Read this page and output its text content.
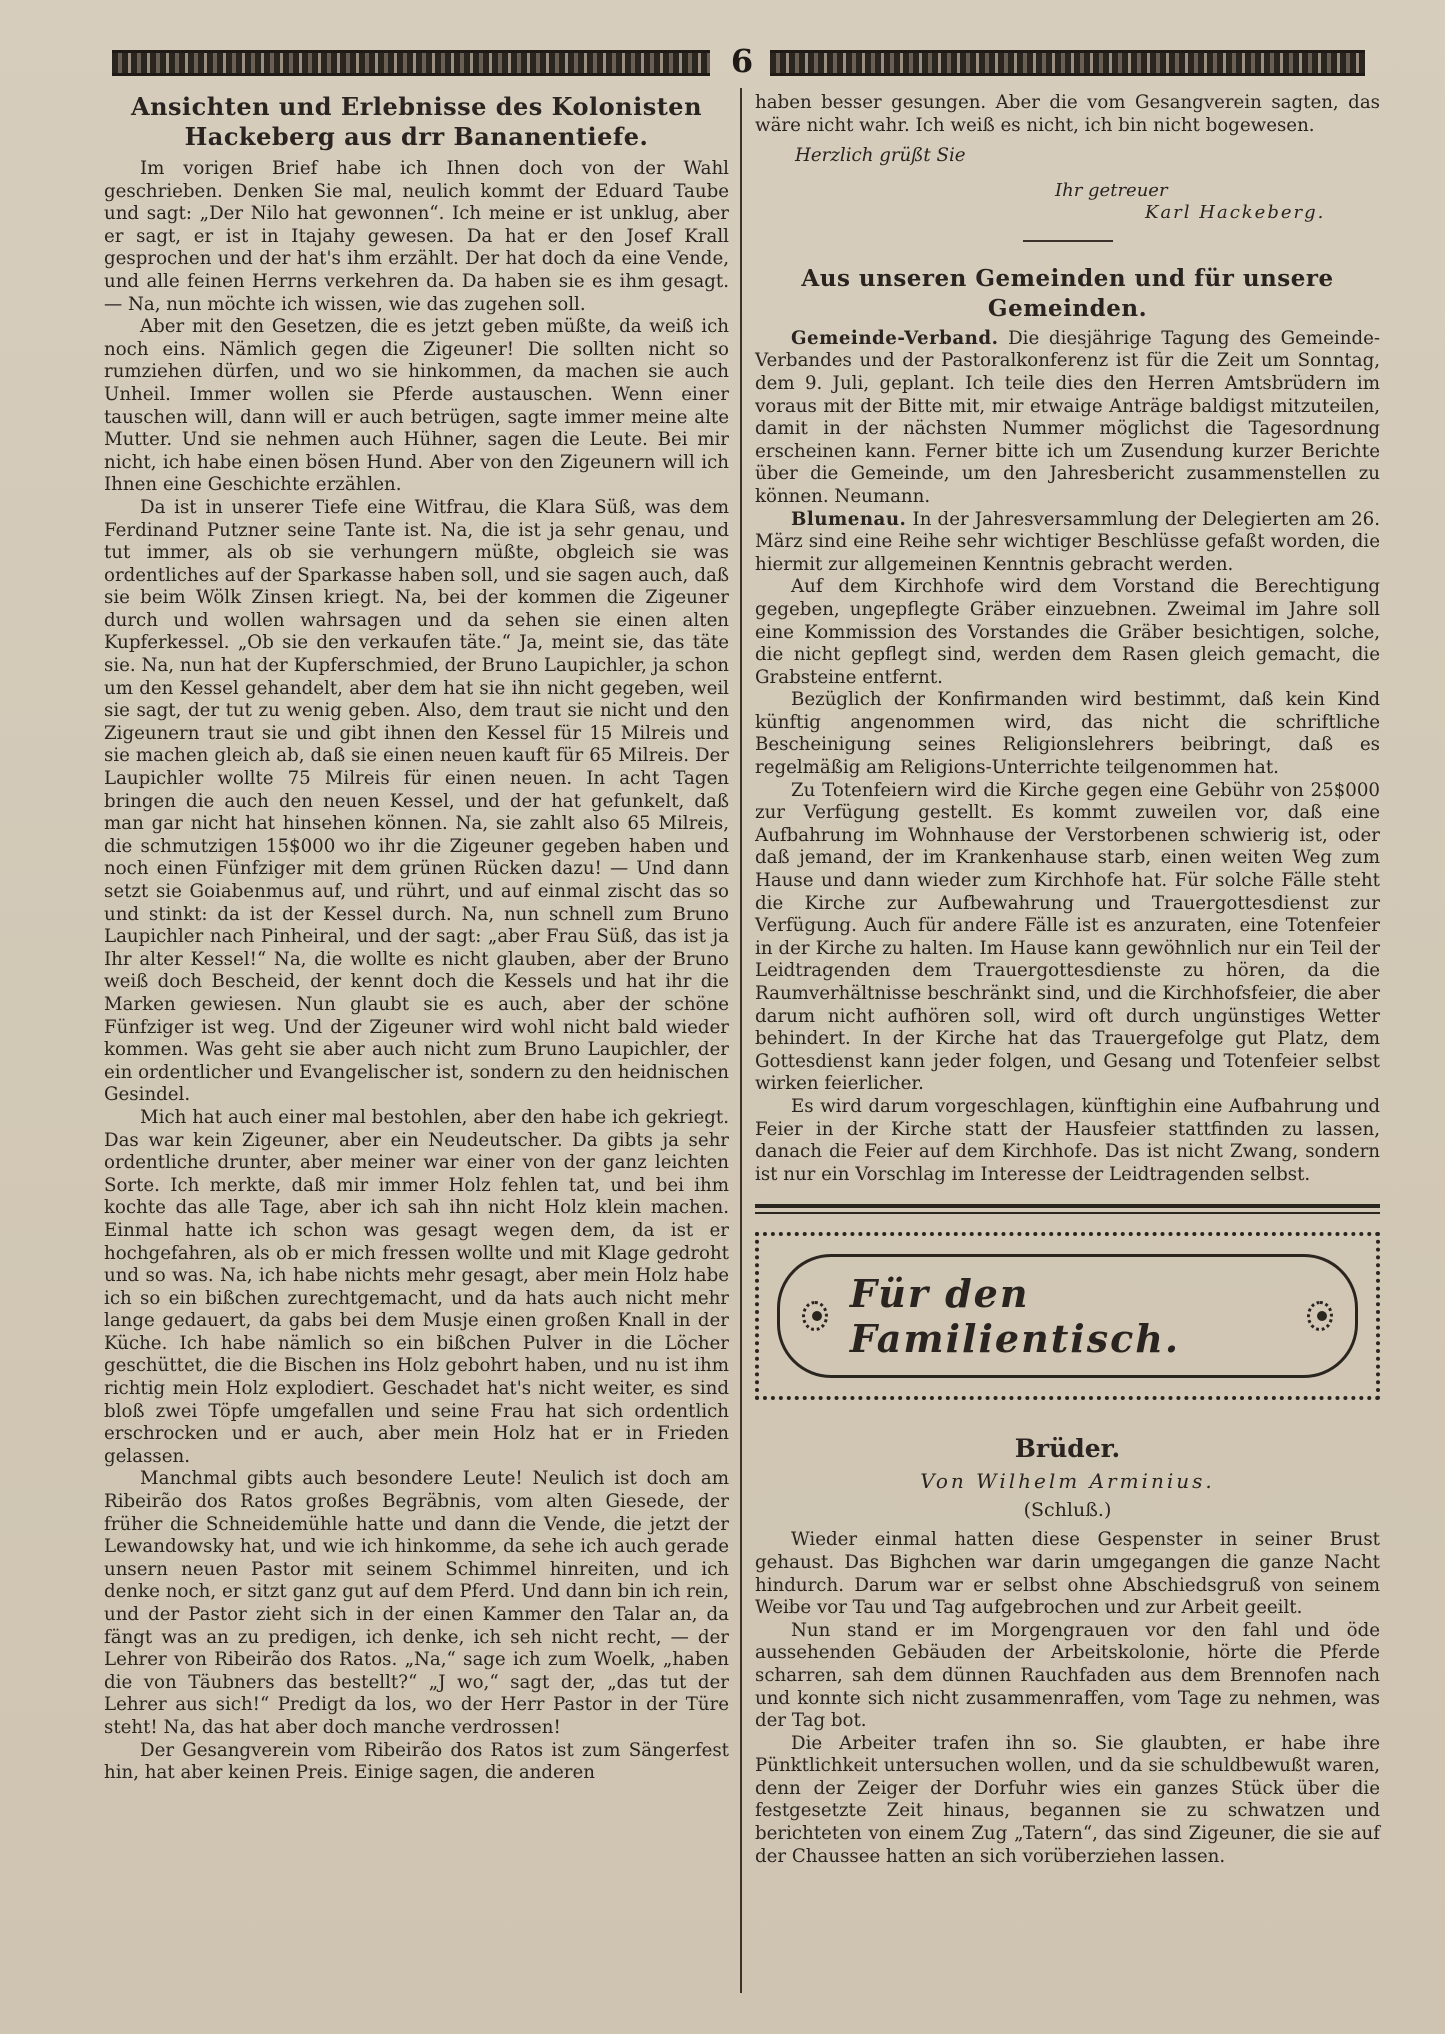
6
Ansichten und Erlebnisse des Kolonisten Hackeberg aus drr Bananentiefe.

Im vorigen Brief habe ich Ihnen doch von der Wahl geschrieben. Denken Sie mal, neulich kommt der Eduard Taube und sagt: „Der Nilo hat gewonnen“. Ich meine er ist unklug, aber er sagt, er ist in Itajahy gewesen. Da hat er den Josef Krall gesprochen und der hat's ihm erzählt. Der hat doch da eine Vende, und alle feinen Herrns verkehren da. Da haben sie es ihm gesagt. — Na, nun möchte ich wissen, wie das zugehen soll.

Aber mit den Gesetzen, die es jetzt geben müßte, da weiß ich noch eins. Nämlich gegen die Zigeuner! Die sollten nicht so rumziehen dürfen, und wo sie hinkommen, da machen sie auch Unheil. Immer wollen sie Pferde austauschen. Wenn einer tauschen will, dann will er auch betrügen, sagte immer meine alte Mutter. Und sie nehmen auch Hühner, sagen die Leute. Bei mir nicht, ich habe einen bösen Hund. Aber von den Zigeunern will ich Ihnen eine Geschichte erzählen.

Da ist in unserer Tiefe eine Witfrau, die Klara Süß, was dem Ferdinand Putzner seine Tante ist. Na, die ist ja sehr genau, und tut immer, als ob sie verhungern müßte, obgleich sie was ordentliches auf der Sparkasse haben soll, und sie sagen auch, daß sie beim Wölk Zinsen kriegt. Na, bei der kommen die Zigeuner durch und wollen wahrsagen und da sehen sie einen alten Kupferkessel. „Ob sie den verkaufen täte.“ Ja, meint sie, das täte sie. Na, nun hat der Kupferschmied, der Bruno Laupichler, ja schon um den Kessel gehandelt, aber dem hat sie ihn nicht gegeben, weil sie sagt, der tut zu wenig geben. Also, dem traut sie nicht und den Zigeunern traut sie und gibt ihnen den Kessel für 15 Milreis und sie machen gleich ab, daß sie einen neuen kauft für 65 Milreis. Der Laupichler wollte 75 Milreis für einen neuen. In acht Tagen bringen die auch den neuen Kessel, und der hat gefunkelt, daß man gar nicht hat hinsehen können. Na, sie zahlt also 65 Milreis, die schmutzigen 15$000 wo ihr die Zigeuner gegeben haben und noch einen Fünfziger mit dem grünen Rücken dazu! — Und dann setzt sie Goiabenmus auf, und rührt, und auf einmal zischt das so und stinkt: da ist der Kessel durch. Na, nun schnell zum Bruno Laupichler nach Pinheiral, und der sagt: „aber Frau Süß, das ist ja Ihr alter Kessel!“ Na, die wollte es nicht glauben, aber der Bruno weiß doch Bescheid, der kennt doch die Kessels und hat ihr die Marken gewiesen. Nun glaubt sie es auch, aber der schöne Fünfziger ist weg. Und der Zigeuner wird wohl nicht bald wieder kommen. Was geht sie aber auch nicht zum Bruno Laupichler, der ein ordentlicher und Evangelischer ist, sondern zu den heidnischen Gesindel.

Mich hat auch einer mal bestohlen, aber den habe ich gekriegt. Das war kein Zigeuner, aber ein Neudeutscher. Da gibts ja sehr ordentliche drunter, aber meiner war einer von der ganz leichten Sorte. Ich merkte, daß mir immer Holz fehlen tat, und bei ihm kochte das alle Tage, aber ich sah ihn nicht Holz klein machen. Einmal hatte ich schon was gesagt wegen dem, da ist er hochgefahren, als ob er mich fressen wollte und mit Klage gedroht und so was. Na, ich habe nichts mehr gesagt, aber mein Holz habe ich so ein bißchen zurechtgemacht, und da hats auch nicht mehr lange gedauert, da gabs bei dem Musje einen großen Knall in der Küche. Ich habe nämlich so ein bißchen Pulver in die Löcher geschüttet, die die Bischen ins Holz gebohrt haben, und nu ist ihm richtig mein Holz explodiert. Geschadet hat's nicht weiter, es sind bloß zwei Töpfe umgefallen und seine Frau hat sich ordentlich erschrocken und er auch, aber mein Holz hat er in Frieden gelassen.

Manchmal gibts auch besondere Leute! Neulich ist doch am Ribeirão dos Ratos großes Begräbnis, vom alten Giesede, der früher die Schneidemühle hatte und dann die Vende, die jetzt der Lewandowsky hat, und wie ich hinkomme, da sehe ich auch gerade unsern neuen Pastor mit seinem Schimmel hinreiten, und ich denke noch, er sitzt ganz gut auf dem Pferd. Und dann bin ich rein, und der Pastor zieht sich in der einen Kammer den Talar an, da fängt was an zu predigen, ich denke, ich seh nicht recht, — der Lehrer von Ribeirão dos Ratos. „Na,“ sage ich zum Woelk, „haben die von Täubners das bestellt?“ „J wo,“ sagt der, „das tut der Lehrer aus sich!“ Predigt da los, wo der Herr Pastor in der Türe steht! Na, das hat aber doch manche verdrossen!

Der Gesangverein vom Ribeirão dos Ratos ist zum Sängerfest hin, hat aber keinen Preis. Einige sagen, die anderen

haben besser gesungen. Aber die vom Gesangverein sagten, das wäre nicht wahr. Ich weiß es nicht, ich bin nicht bogewesen.

Herzlich grüßt Sie

Ihr getreuer
Karl Hackeberg.
Aus unseren Gemeinden und für unsere Gemeinden.

Gemeinde-Verband. Die diesjährige Tagung des Gemeinde-Verbandes und der Pastoralkonferenz ist für die Zeit um Sonntag, dem 9. Juli, geplant. Ich teile dies den Herren Amtsbrüdern im voraus mit der Bitte mit, mir etwaige Anträge baldigst mitzuteilen, damit in der nächsten Nummer möglichst die Tagesordnung erscheinen kann. Ferner bitte ich um Zusendung kurzer Berichte über die Gemeinde, um den Jahresbericht zusammenstellen zu können. Neumann.

Blumenau. In der Jahresversammlung der Delegierten am 26. März sind eine Reihe sehr wichtiger Beschlüsse gefaßt worden, die hiermit zur allgemeinen Kenntnis gebracht werden.

Auf dem Kirchhofe wird dem Vorstand die Berechtigung gegeben, ungepflegte Gräber einzuebnen. Zweimal im Jahre soll eine Kommission des Vorstandes die Gräber besichtigen, solche, die nicht gepflegt sind, werden dem Rasen gleich gemacht, die Grabsteine entfernt.

Bezüglich der Konfirmanden wird bestimmt, daß kein Kind künftig angenommen wird, das nicht die schriftliche Bescheinigung seines Religionslehrers beibringt, daß es regelmäßig am Religions-Unterrichte teilgenommen hat.

Zu Totenfeiern wird die Kirche gegen eine Gebühr von 25$000 zur Verfügung gestellt. Es kommt zuweilen vor, daß eine Aufbahrung im Wohnhause der Verstorbenen schwierig ist, oder daß jemand, der im Krankenhause starb, einen weiten Weg zum Hause und dann wieder zum Kirchhofe hat. Für solche Fälle steht die Kirche zur Aufbewahrung und Trauergottesdienst zur Verfügung. Auch für andere Fälle ist es anzuraten, eine Totenfeier in der Kirche zu halten. Im Hause kann gewöhnlich nur ein Teil der Leidtragenden dem Trauergottesdienste zu hören, da die Raumverhältnisse beschränkt sind, und die Kirchhofsfeier, die aber darum nicht aufhören soll, wird oft durch ungünstiges Wetter behindert. In der Kirche hat das Trauergefolge gut Platz, dem Gottesdienst kann jeder folgen, und Gesang und Totenfeier selbst wirken feierlicher.

Es wird darum vorgeschlagen, künftighin eine Aufbahrung und Feier in der Kirche statt der Hausfeier stattfinden zu lassen, danach die Feier auf dem Kirchhofe. Das ist nicht Zwang, sondern ist nur ein Vorschlag im Interesse der Leidtragenden selbst.

Für den Familientisch.
Brüder.
Von Wilhelm Arminius.
(Schluß.)

Wieder einmal hatten diese Gespenster in seiner Brust gehaust. Das Bighchen war darin umgegangen die ganze Nacht hindurch. Darum war er selbst ohne Abschiedsgruß von seinem Weibe vor Tau und Tag aufgebrochen und zur Arbeit geeilt.

Nun stand er im Morgengrauen vor den fahl und öde aussehenden Gebäuden der Arbeitskolonie, hörte die Pferde scharren, sah dem dünnen Rauchfaden aus dem Brennofen nach und konnte sich nicht zusammenraffen, vom Tage zu nehmen, was der Tag bot.

Die Arbeiter trafen ihn so. Sie glaubten, er habe ihre Pünktlichkeit untersuchen wollen, und da sie schuldbewußt waren, denn der Zeiger der Dorfuhr wies ein ganzes Stück über die festgesetzte Zeit hinaus, begannen sie zu schwatzen und berichteten von einem Zug „Tatern“, das sind Zigeuner, die sie auf der Chaussee hatten an sich vorüberziehen lassen.
